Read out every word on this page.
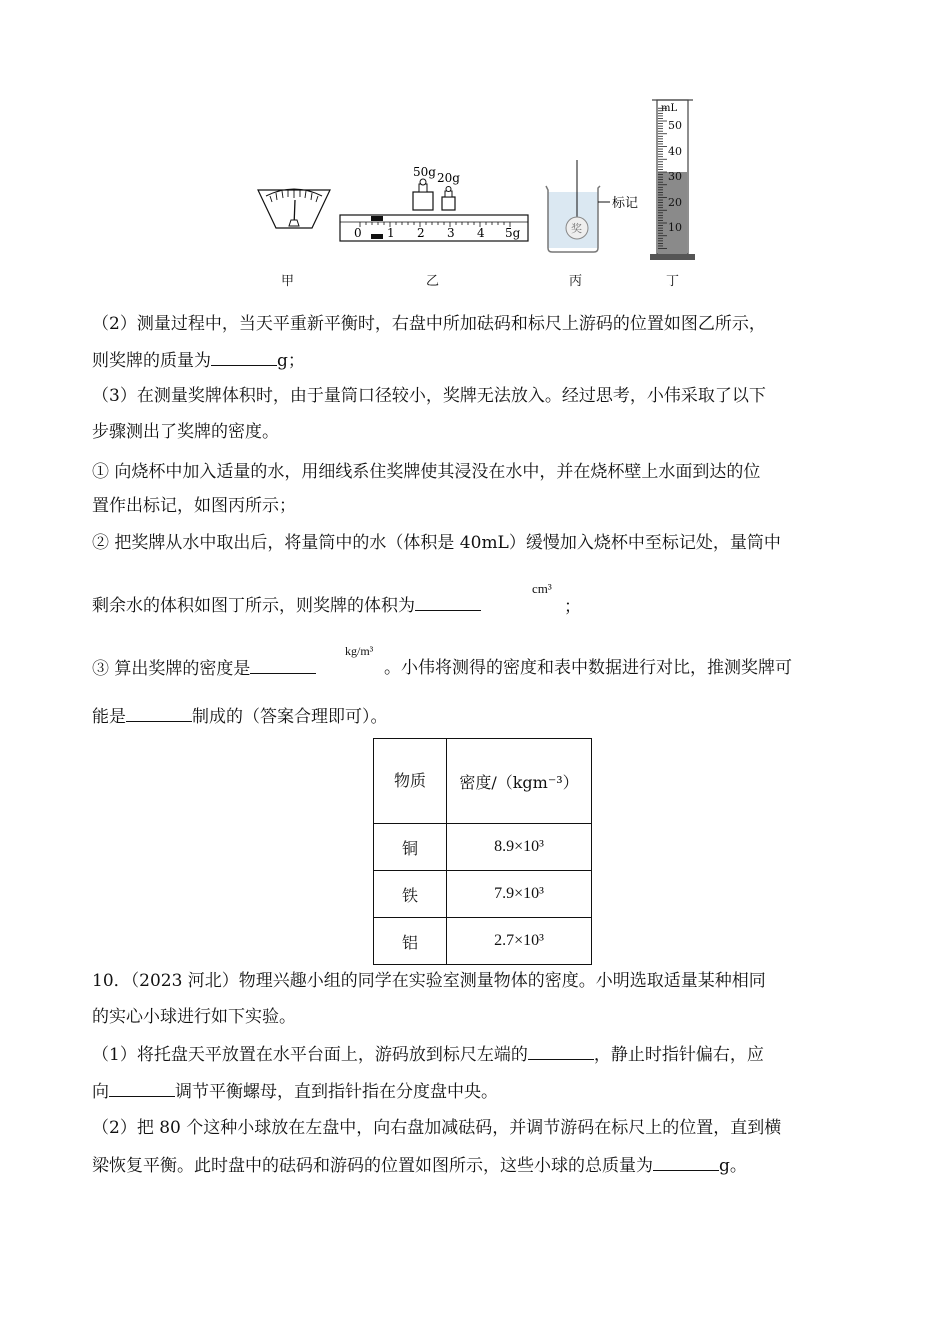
50g 20g
0 1 2 3 4 5g	奖
标记
mL
50
40
30
20
10
甲	乙	丙	丁
（2）测量过程中，当天平重新平衡时，右盘中所加砝码和标尺上游码的位置如图乙所示，
则奖牌的质量为	g；
（3）在测量奖牌体积时，由于量筒口径较小，奖牌无法放入。经过思考，小伟采取了以下
步骤测出了奖牌的密度。
① 向烧杯中加入适量的水，用细线系住奖牌使其浸没在水中，并在烧杯壁上水面到达的位
置作出标记，如图丙所示；
② 把奖牌从水中取出后，将量筒中的水（体积是 40mL）缓慢加入烧杯中至标记处，量筒中
剩余水的体积如图丁所示，则奖牌的体积为
cm³
；
③ 算出奖牌的密度是
kg/m³
。小伟将测得的密度和表中数据进行对比，推测奖牌可
能是	制成的（答案合理即可）。
物质	密度/（kgm⁻³）
铜	8.9×10³
铁	7.9×10³
铝	2.7×10³
10．（2023 河北）物理兴趣小组的同学在实验室测量物体的密度。小明选取适量某种相同
的实心小球进行如下实验。
（1）将托盘天平放置在水平台面上，游码放到标尺左端的	，静止时指针偏右，应
向	调节平衡螺母，直到指针指在分度盘中央。
（2）把 80 个这种小球放在左盘中，向右盘加减砝码，并调节游码在标尺上的位置，直到横
梁恢复平衡。此时盘中的砝码和游码的位置如图所示，这些小球的总质量为	g。
